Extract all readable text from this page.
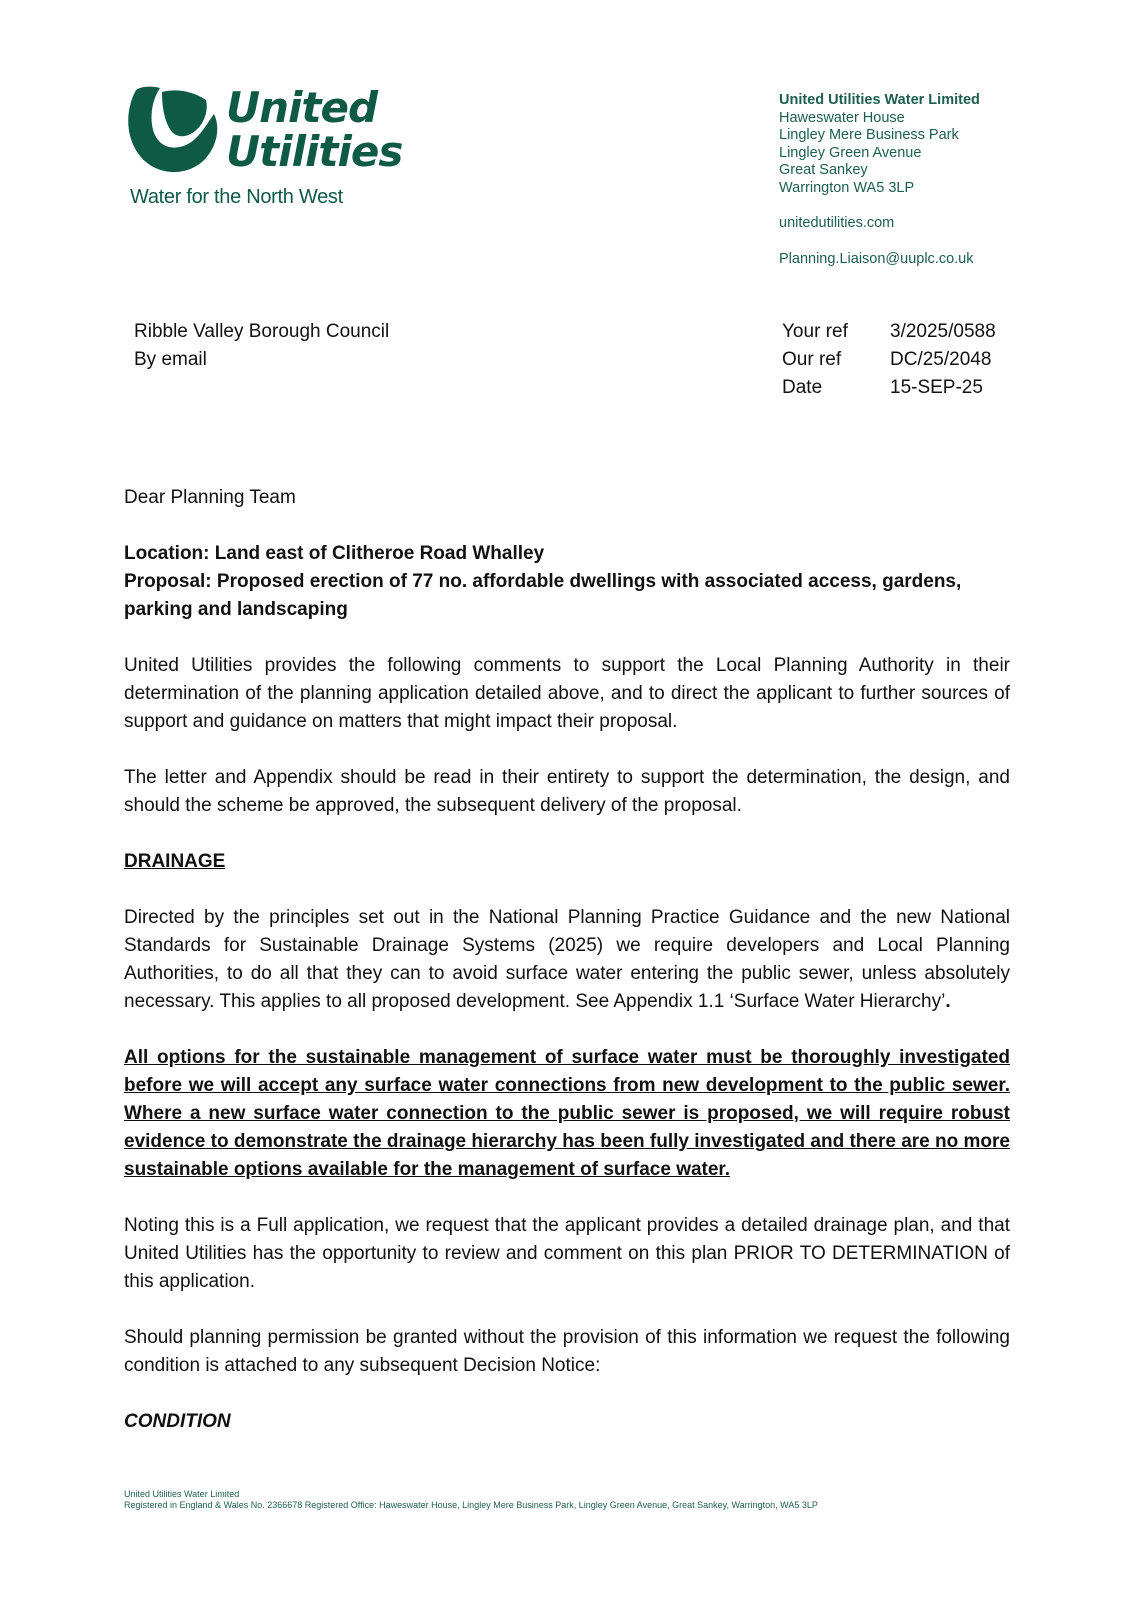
United
Utilities
Water for the North West
United Utilities Water Limited
Haweswater House
Lingley Mere Business Park
Lingley Green Avenue
Great Sankey
Warrington WA5 3LP
unitedutilities.com
Planning.Liaison@uuplc.co.uk
Ribble Valley Borough Council
By email
Your ref	3/2025/0588
Our ref	DC/25/2048
Date	15-SEP-25

Dear Planning Team

Location: Land east of Clitheroe Road Whalley

Proposal: Proposed erection of 77 no. affordable dwellings with associated access, gardens, parking and landscaping

United Utilities provides the following comments to support the Local Planning Authority in their determination of the planning application detailed above, and to direct the applicant to further sources of support and guidance on matters that might impact their proposal.

The letter and Appendix should be read in their entirety to support the determination, the design, and should the scheme be approved, the subsequent delivery of the proposal.

DRAINAGE

Directed by the principles set out in the National Planning Practice Guidance and the new National Standards for Sustainable Drainage Systems (2025) we require developers and Local Planning Authorities, to do all that they can to avoid surface water entering the public sewer, unless absolutely necessary. This applies to all proposed development. See Appendix 1.1 ‘Surface Water Hierarchy’.

All options for the sustainable management of surface water must be thoroughly investigated before we will accept any surface water connections from new development to the public sewer. Where a new surface water connection to the public sewer is proposed, we will require robust evidence to demonstrate the drainage hierarchy has been fully investigated and there are no more sustainable options available for the management of surface water.

Noting this is a Full application, we request that the applicant provides a detailed drainage plan, and that United Utilities has the opportunity to review and comment on this plan PRIOR TO DETERMINATION of this application.

Should planning permission be granted without the provision of this information we request the following condition is attached to any subsequent Decision Notice:

CONDITION

United Utilities Water Limited
Registered in England & Wales No. 2366678 Registered Office: Haweswater House, Lingley Mere Business Park, Lingley Green Avenue, Great Sankey, Warrington, WA5 3LP
